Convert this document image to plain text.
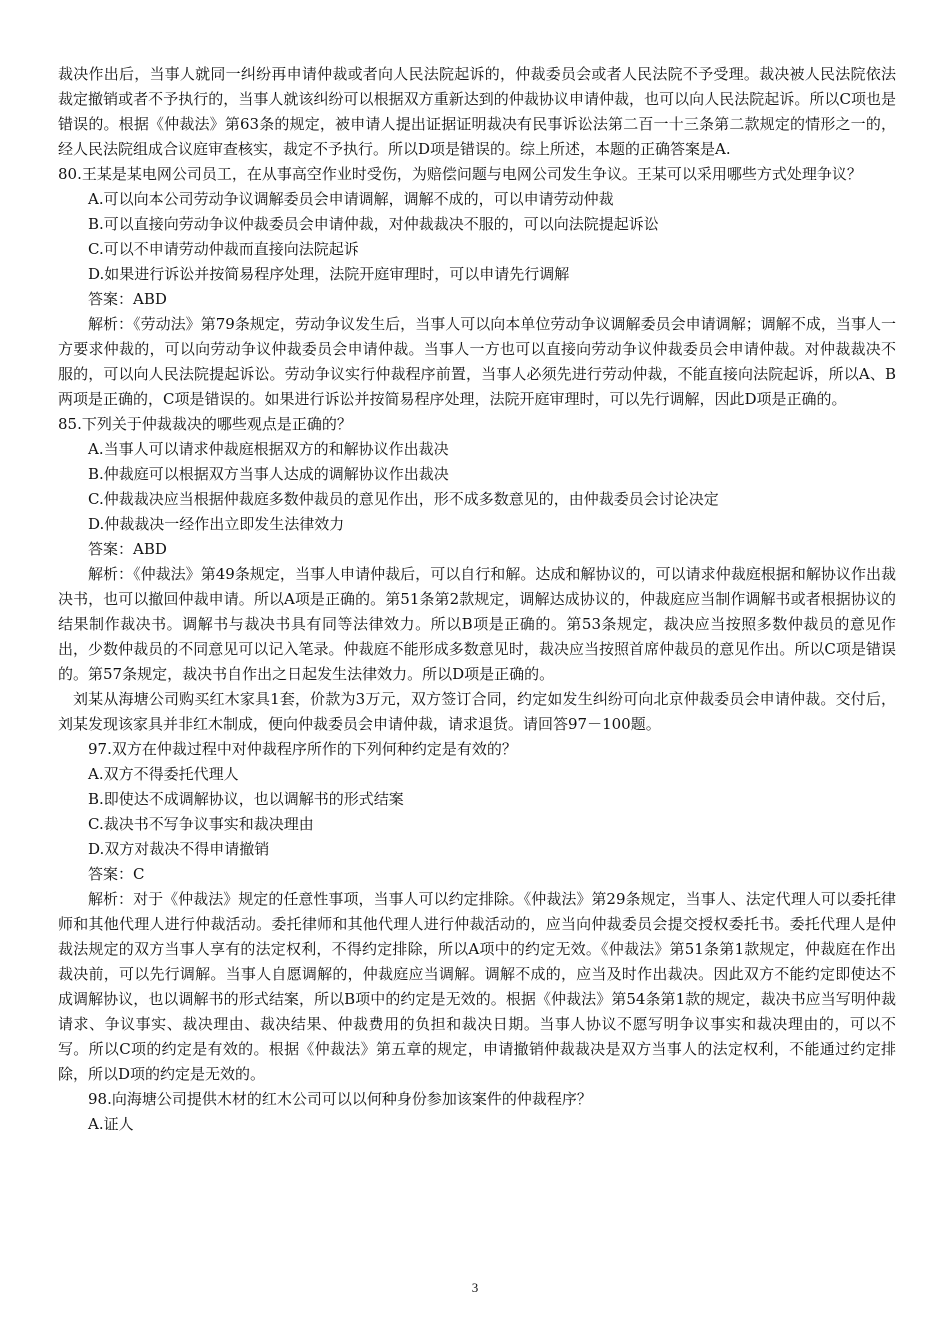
裁决作出后，当事人就同一纠纷再申请仲裁或者向人民法院起诉的，仲裁委员会或者人民法院不予受理。裁决被人民法院依法裁定撤销或者不予执行的，当事人就该纠纷可以根据双方重新达到的仲裁协议申请仲裁，也可以向人民法院起诉。所以C项也是错误的。根据《仲裁法》第63条的规定，被申请人提出证据证明裁决有民事诉讼法第二百一十三条第二款规定的情形之一的，经人民法院组成合议庭审查核实，裁定不予执行。所以D项是错误的。综上所述，本题的正确答案是A.

80.王某是某电网公司员工，在从事高空作业时受伤，为赔偿问题与电网公司发生争议。王某可以采用哪些方式处理争议？

A.可以向本公司劳动争议调解委员会申请调解，调解不成的，可以申请劳动仲裁

B.可以直接向劳动争议仲裁委员会申请仲裁，对仲裁裁决不服的，可以向法院提起诉讼

C.可以不申请劳动仲裁而直接向法院起诉

D.如果进行诉讼并按简易程序处理，法院开庭审理时，可以申请先行调解

答案：ABD

解析：《劳动法》第79条规定，劳动争议发生后，当事人可以向本单位劳动争议调解委员会申请调解；调解不成，当事人一方要求仲裁的，可以向劳动争议仲裁委员会申请仲裁。当事人一方也可以直接向劳动争议仲裁委员会申请仲裁。对仲裁裁决不服的，可以向人民法院提起诉讼。劳动争议实行仲裁程序前置，当事人必须先进行劳动仲裁，不能直接向法院起诉，所以A、B两项是正确的，C项是错误的。如果进行诉讼并按简易程序处理，法院开庭审理时，可以先行调解，因此D项是正确的。

85.下列关于仲裁裁决的哪些观点是正确的？

A.当事人可以请求仲裁庭根据双方的和解协议作出裁决

B.仲裁庭可以根据双方当事人达成的调解协议作出裁决

C.仲裁裁决应当根据仲裁庭多数仲裁员的意见作出，形不成多数意见的，由仲裁委员会讨论决定

D.仲裁裁决一经作出立即发生法律效力

答案：ABD

解析：《仲裁法》第49条规定，当事人申请仲裁后，可以自行和解。达成和解协议的，可以请求仲裁庭根据和解协议作出裁决书，也可以撤回仲裁申请。所以A项是正确的。第51条第2款规定，调解达成协议的，仲裁庭应当制作调解书或者根据协议的结果制作裁决书。调解书与裁决书具有同等法律效力。所以B项是正确的。第53条规定，裁决应当按照多数仲裁员的意见作出，少数仲裁员的不同意见可以记入笔录。仲裁庭不能形成多数意见时，裁决应当按照首席仲裁员的意见作出。所以C项是错误的。第57条规定，裁决书自作出之日起发生法律效力。所以D项是正确的。

刘某从海塘公司购买红木家具1套，价款为3万元，双方签订合同，约定如发生纠纷可向北京仲裁委员会申请仲裁。交付后，刘某发现该家具并非红木制成，便向仲裁委员会申请仲裁，请求退货。请回答97－100题。

97.双方在仲裁过程中对仲裁程序所作的下列何种约定是有效的？

A.双方不得委托代理人

B.即使达不成调解协议，也以调解书的形式结案

C.裁决书不写争议事实和裁决理由

D.双方对裁决不得申请撤销

答案：C

解析：对于《仲裁法》规定的任意性事项，当事人可以约定排除。《仲裁法》第29条规定，当事人、法定代理人可以委托律师和其他代理人进行仲裁活动。委托律师和其他代理人进行仲裁活动的，应当向仲裁委员会提交授权委托书。委托代理人是仲裁法规定的双方当事人享有的法定权利，不得约定排除，所以A项中的约定无效。《仲裁法》第51条第1款规定，仲裁庭在作出裁决前，可以先行调解。当事人自愿调解的，仲裁庭应当调解。调解不成的，应当及时作出裁决。因此双方不能约定即使达不成调解协议，也以调解书的形式结案，所以B项中的约定是无效的。根据《仲裁法》第54条第1款的规定，裁决书应当写明仲裁请求、争议事实、裁决理由、裁决结果、仲裁费用的负担和裁决日期。当事人协议不愿写明争议事实和裁决理由的，可以不写。所以C项的约定是有效的。根据《仲裁法》第五章的规定，申请撤销仲裁裁决是双方当事人的法定权利，不能通过约定排除，所以D项的约定是无效的。

98.向海塘公司提供木材的红木公司可以以何种身份参加该案件的仲裁程序？

A.证人

3
